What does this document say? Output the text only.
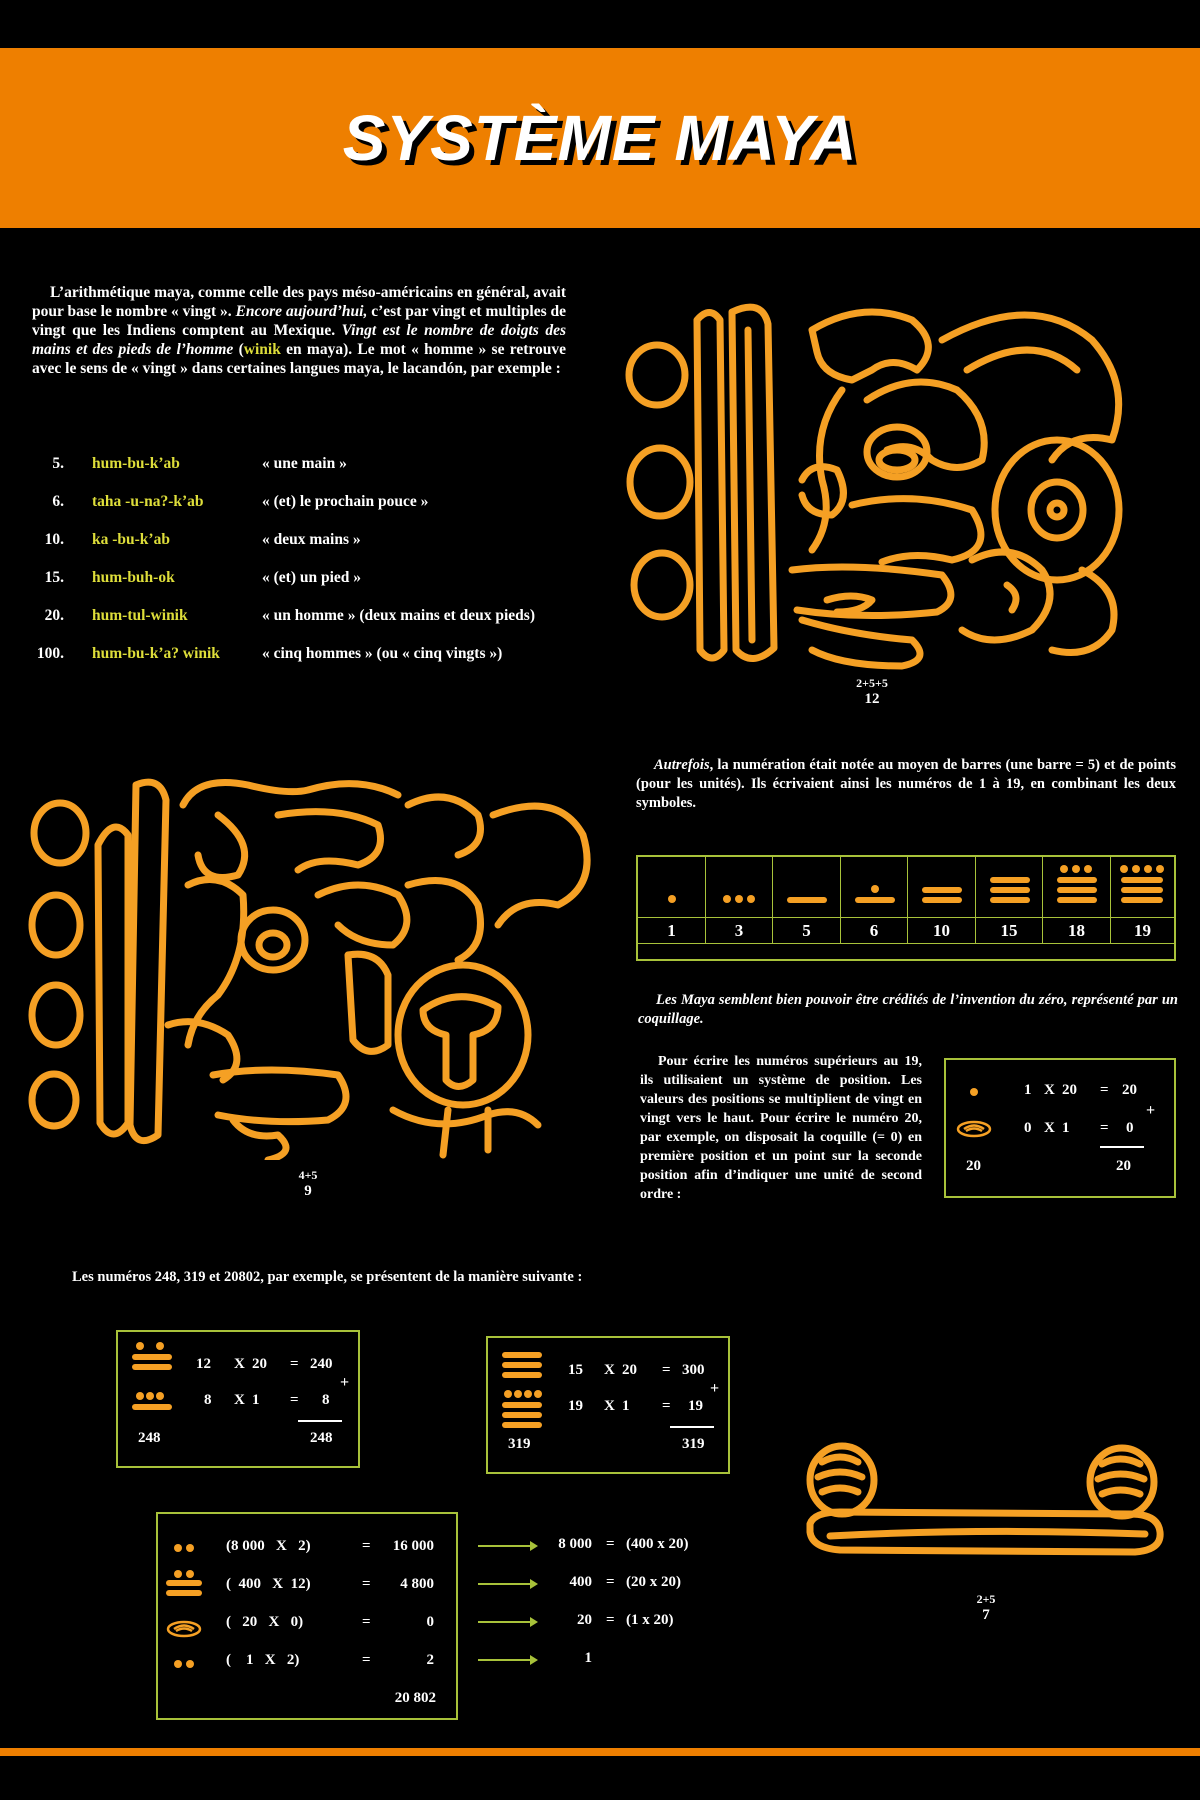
SYSTÈME MAYA

L’arithmétique maya, comme celle des pays méso-américains en général, avait pour base le nombre « vingt ». Encore aujourd’hui, c’est par vingt et multiples de vingt que les Indiens comptent au Mexique. Vingt est le nombre de doigts des mains et des pieds de l’homme (winik en maya). Le mot « homme » se retrouve avec le sens de « vingt » dans certaines langues maya, le lacandón, par exemple :

5. hum-bu-k’ab	« une main »
6. taha -u-na?-k’ab	« (et) le prochain pouce »
10. ka -bu-k’ab	« deux mains »
15. hum-buh-ok	« (et) un pied »
20. hum-tul-winik	« un homme » (deux mains et deux pieds)
100. hum-bu-k’a? winik	« cinq hommes » (ou « cinq vingts »)
2+5+5
12
4+5
9

Autrefois, la numération était notée au moyen de barres (une barre = 5) et de points (pour les unités). Ils écrivaient ainsi les numéros de 1 à 19, en combinant les deux symboles.

1	3	5	6	10	15	18	19

Les Maya semblent bien pouvoir être crédités de l’invention du zéro, représenté par un coquillage.

Pour écrire les numéros supérieurs au 19, ils utilisaient un système de position. Les valeurs des positions se multiplient de vingt en vingt vers le haut. Pour écrire le numéro 20, par exemple, on disposait la coquille (= 0) en première position et un point sur la seconde position afin d’indiquer une unité de second ordre :

1 X 20 = 20
0 X 1 = 0
+
20	20

Les numéros 248, 319 et 20802, par exemple, se présentent de la manière suivante :

12 X 20 = 240
8 X 1 = 8
+
248	248
15 X 20 = 300
19 X 1 = 19
+
319	319
2+5
7
(8 000   X   2)	=	16 000
(  400   X  12)	=	4 800
(   20   X   0)	=	0
(    1   X   2)	=	2
20 802
8 000 = (400 x 20)
400 = (20 x 20)
20 = (1 x 20)
1
